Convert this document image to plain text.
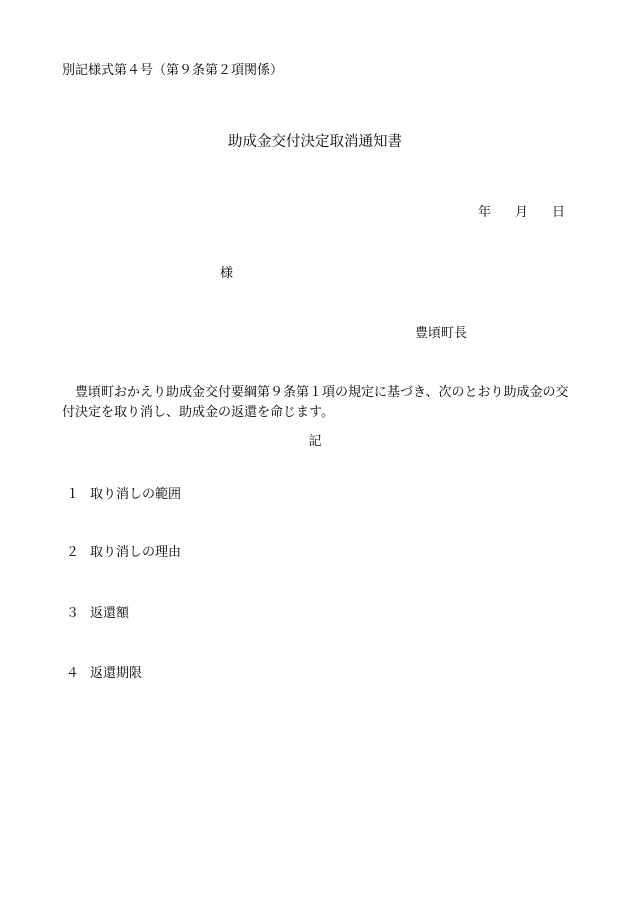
別記様式第４号（第９条第２項関係）
助成金交付決定取消通知書
年 月 日
様
豊頃町長
豊頃町おかえり助成金交付要綱第９条第１項の規定に基づき、次のとおり助成金の交付決定を取り消し、助成金の返還を命じます。
記
１ 取り消しの範囲
２ 取り消しの理由
３ 返還額
４ 返還期限
